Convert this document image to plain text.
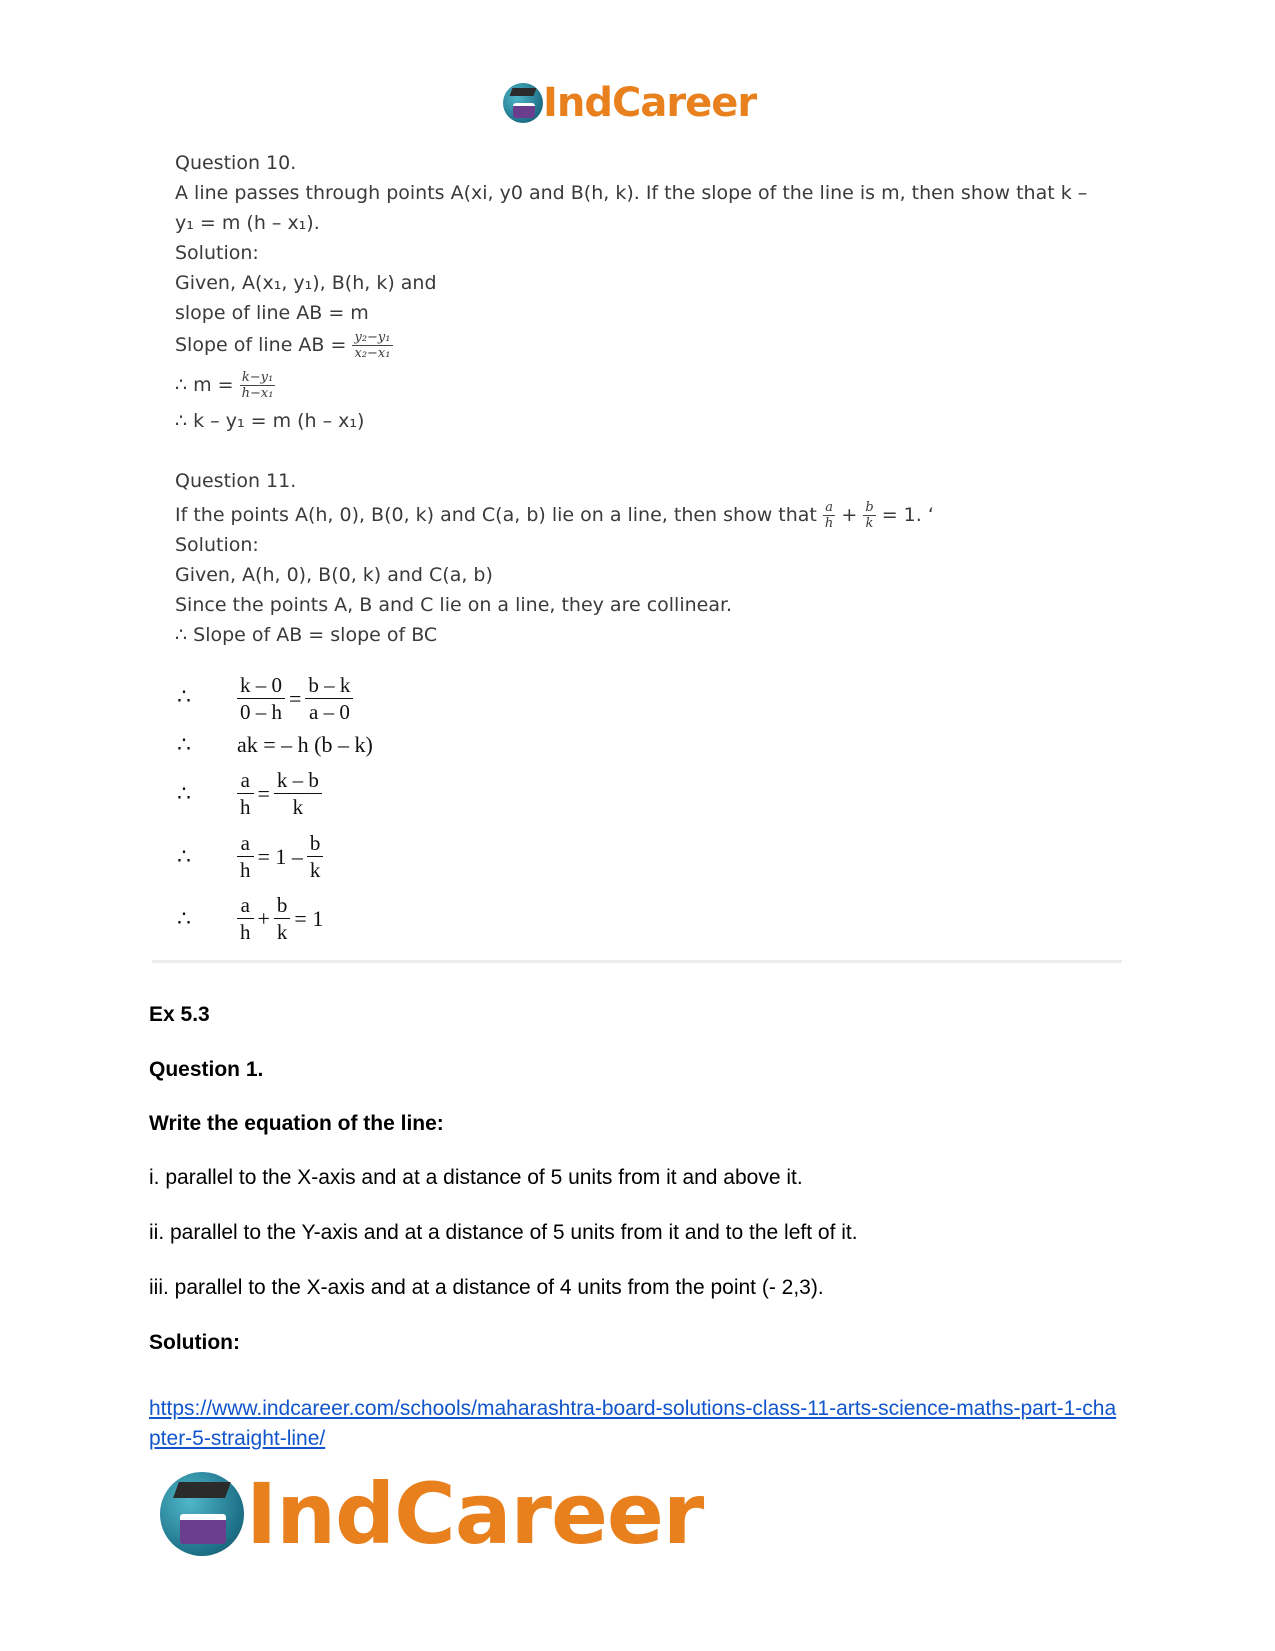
IndCareer
Question 10.
A line passes through points A(xi, y0 and B(h, k). If the slope of the line is m, then show that k –
y₁ = m (h – x₁).
Solution:
Given, A(x₁, y₁), B(h, k) and
slope of line AB = m
Slope of line AB = $\frac{\text{y₂−y₁}}{\text{x₂−x₁}}$
∴ $m = \frac{\text{k−y₁}}{\text{h−x₁}}$
∴ k – y₁ = m (h – x₁)
Question 11.
If the points A(h, 0), B(0, k) and C(a, b) lie on a line, then show that $\frac{a}{h} + \frac{b}{k} = 1$. ‘
Solution:
Given, A(h, 0), B(0, k) and C(a, b)
Since the points A, B and C lie on a line, they are collinear.
∴ Slope of AB = slope of BC
∴ $\frac{k - 0}{0 - h} = \frac{b - k}{a - 0}$
∴ ak = – h (b – k)
∴ $\frac{a}{h} = \frac{k - b}{k}$
∴ $\frac{a}{h} = 1 - \frac{b}{k}$
∴ $\frac{a}{h} + \frac{b}{k} = 1$
Ex 5.3
Question 1.
Write the equation of the line:
i. parallel to the X-axis and at a distance of 5 units from it and above it.
ii. parallel to the Y-axis and at a distance of 5 units from it and to the left of it.
iii. parallel to the X-axis and at a distance of 4 units from the point (- 2,3).
Solution:
https://www.indcareer.com/schools/maharashtra-board-solutions-class-11-arts-science-maths-part-1-chapter-5-straight-line/
IndCareer
